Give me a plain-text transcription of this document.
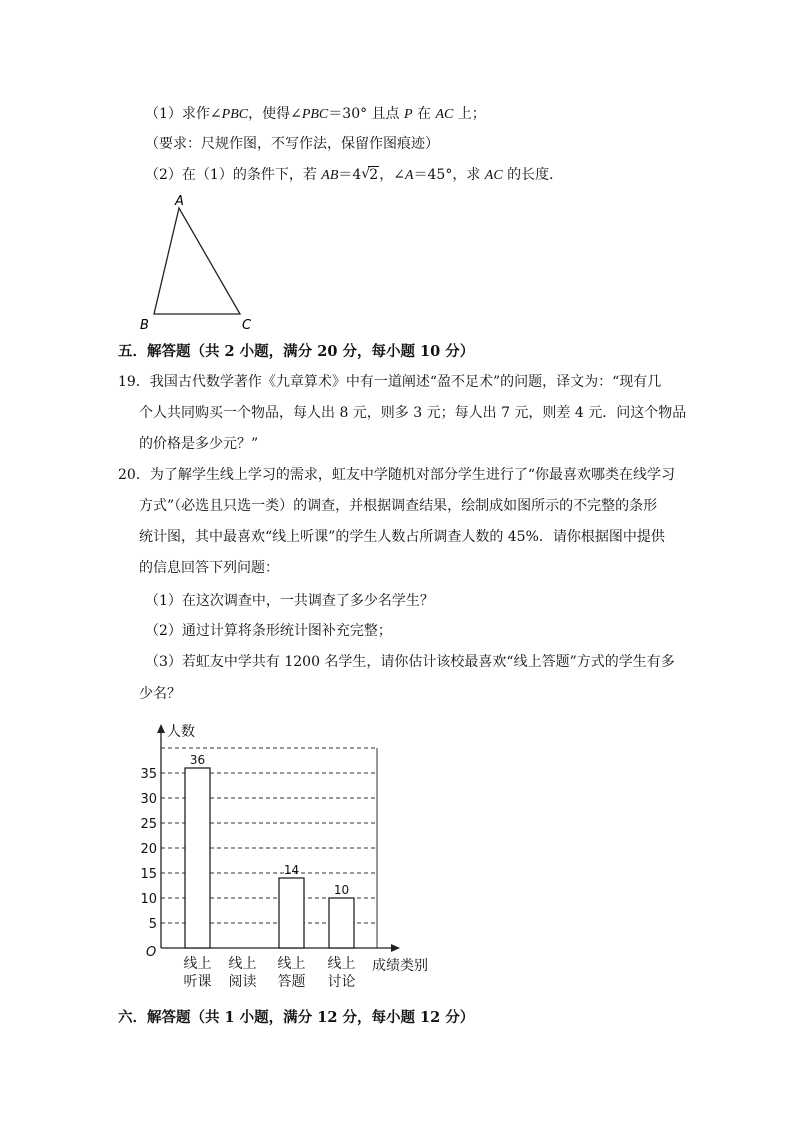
（1）求作∠PBC，使得∠PBC＝30° 且点 P 在 AC 上；
（要求：尺规作图，不写作法，保留作图痕迹）
（2）在（1）的条件下，若 AB＝4 √ 2，∠A＝45°，求 AC 的长度．
A
B	C
五．解答题（共 2 小题，满分 20 分，每小题 10 分）
19．我国古代数学著作《九章算术》中有一道阐述“盈不足术”的问题，译文为：“现有几
个人共同购买一个物品，每人出 8 元，则多 3 元；每人出 7 元，则差 4 元．问这个物品
的价格是多少元？”
20．为了解学生线上学习的需求，虹友中学随机对部分学生进行了“你最喜欢哪类在线学习
方式”（必选且只选一类）的调查，并根据调查结果，绘制成如图所示的不完整的条形
统计图，其中最喜欢“线上听课”的学生人数占所调查人数的 45%．请你根据图中提供
的信息回答下列问题：
（1）在这次调查中，一共调查了多少名学生？
（2）通过计算将条形统计图补充完整；
（3）若虹友中学共有 1200 名学生，请你估计该校最喜欢“线上答题”方式的学生有多
少名？
5
10
15
20
25
30
35
O
人数
成绩类别
36
线上
听课
线上
阅读
14
线上
答题
10
线上
讨论
六．解答题（共 1 小题，满分 12 分，每小题 12 分）
